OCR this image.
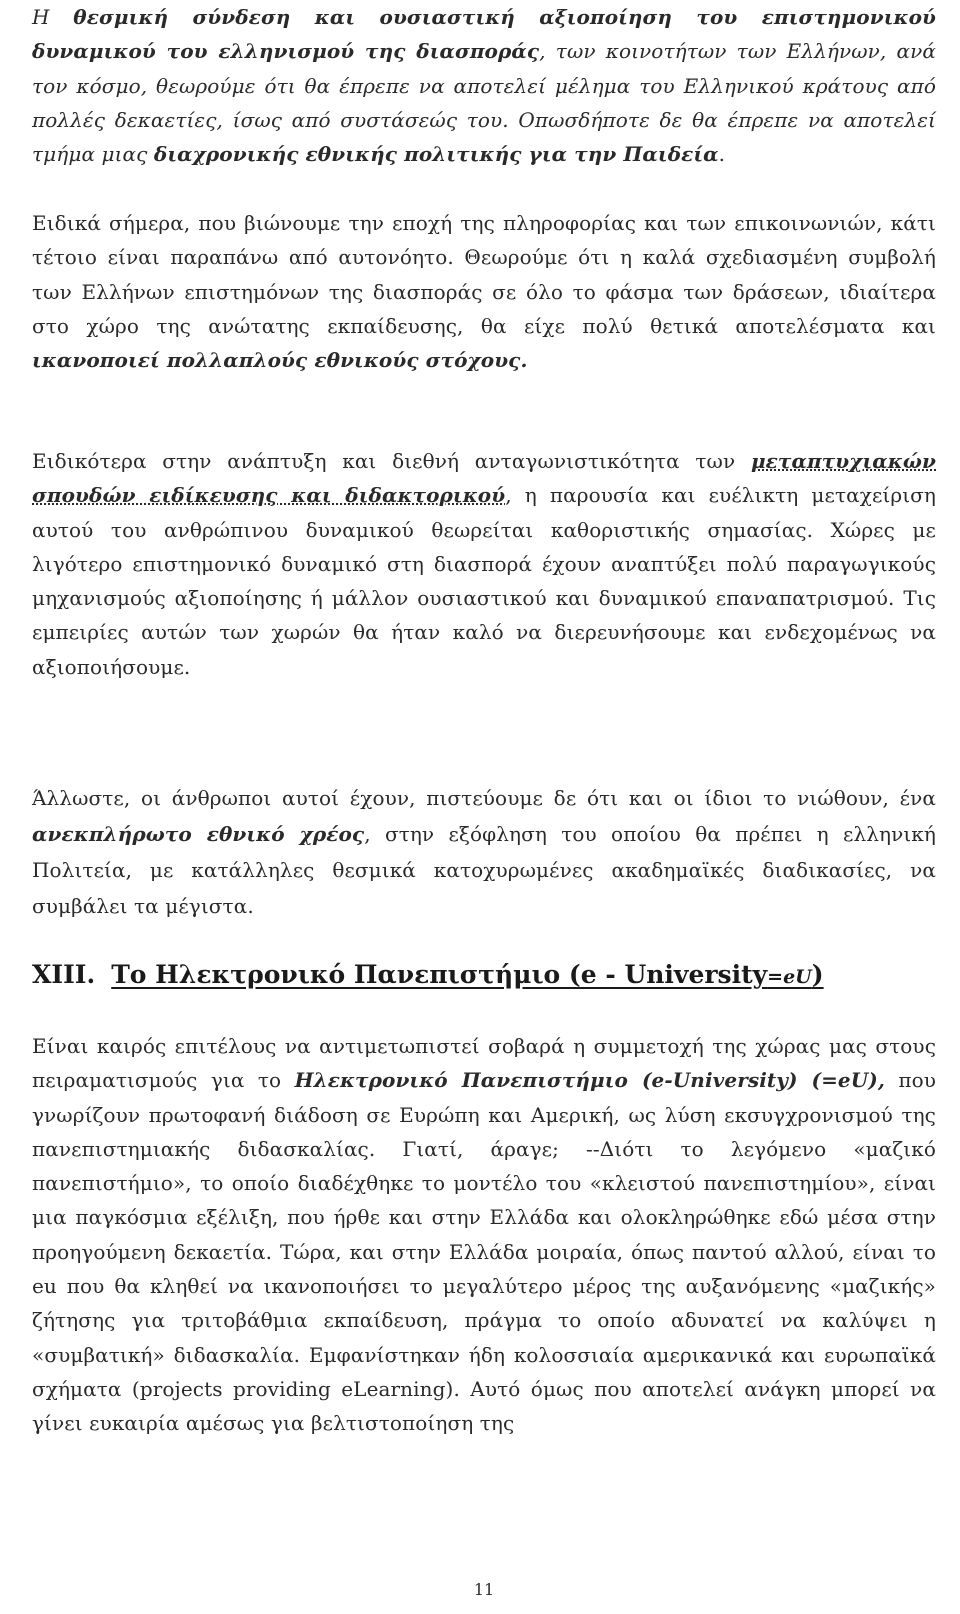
Η θεσμική σύνδεση και ουσιαστική αξιοποίηση του επιστημονικού δυναμικού του ελληνισμού της διασποράς, των κοινοτήτων των Ελλήνων, ανά τον κόσμο, θεωρούμε ότι θα έπρεπε να αποτελεί μέλημα του Ελληνικού κράτους από πολλές δεκαετίες, ίσως από συστάσεώς του. Οπωσδήποτε δε θα έπρεπε να αποτελεί τμήμα μιας διαχρονικής εθνικής πολιτικής για την Παιδεία.

Ειδικά σήμερα, που βιώνουμε την εποχή της πληροφορίας και των επικοινωνιών, κάτι τέτοιο είναι παραπάνω από αυτονόητο. Θεωρούμε ότι η καλά σχεδιασμένη συμβολή των Ελλήνων επιστημόνων της διασποράς σε όλο το φάσμα των δράσεων, ιδιαίτερα στο χώρο της ανώτατης εκπαίδευσης, θα είχε πολύ θετικά αποτελέσματα και ικανοποιεί πολλαπλούς εθνικούς στόχους.

Ειδικότερα στην ανάπτυξη και διεθνή ανταγωνιστικότητα των μεταπτυχιακών σπουδών ειδίκευσης και διδακτορικού, η παρουσία και ευέλικτη μεταχείριση αυτού του ανθρώπινου δυναμικού θεωρείται καθοριστικής σημασίας. Χώρες με λιγότερο επιστημονικό δυναμικό στη διασπορά έχουν αναπτύξει πολύ παραγωγικούς μηχανισμούς αξιοποίησης ή μάλλον ουσιαστικού και δυναμικού επαναπατρισμού. Τις εμπειρίες αυτών των χωρών θα ήταν καλό να διερευνήσουμε και ενδεχομένως να αξιοποιήσουμε.

Άλλωστε, οι άνθρωποι αυτοί έχουν, πιστεύουμε δε ότι και οι ίδιοι το νιώθουν, ένα ανεκπλήρωτο εθνικό χρέος, στην εξόφληση του οποίου θα πρέπει η ελληνική Πολιτεία, με κατάλληλες θεσμικά κατοχυρωμένες ακαδημαϊκές διαδικασίες, να συμβάλει τα μέγιστα.

XIII. Το Ηλεκτρονικό Πανεπιστήμιο (e - University=eU)

Είναι καιρός επιτέλους να αντιμετωπιστεί σοβαρά η συμμετοχή της χώρας μας στους πειραματισμούς για το Ηλεκτρονικό Πανεπιστήμιο (e-University) (=eU), που γνωρίζουν πρωτοφανή διάδοση σε Ευρώπη και Αμερική, ως λύση εκσυγχρονισμού της πανεπιστημιακής διδασκαλίας. Γιατί, άραγε; --Διότι το λεγόμενο «μαζικό πανεπιστήμιο», το οποίο διαδέχθηκε το μοντέλο του «κλειστού πανεπιστημίου», είναι μια παγκόσμια εξέλιξη, που ήρθε και στην Ελλάδα και ολοκληρώθηκε εδώ μέσα στην προηγούμενη δεκαετία. Τώρα, και στην Ελλάδα μοιραία, όπως παντού αλλού, είναι το eu που θα κληθεί να ικανοποιήσει το μεγαλύτερο μέρος της αυξανόμενης «μαζικής» ζήτησης για τριτοβάθμια εκπαίδευση, πράγμα το οποίο αδυνατεί να καλύψει η «συμβατική» διδασκαλία. Εμφανίστηκαν ήδη κολοσσιαία αμερικανικά και ευρωπαϊκά σχήματα (projects providing eLearning). Αυτό όμως που αποτελεί ανάγκη μπορεί να γίνει ευκαιρία αμέσως για βελτιστοποίηση της

11
